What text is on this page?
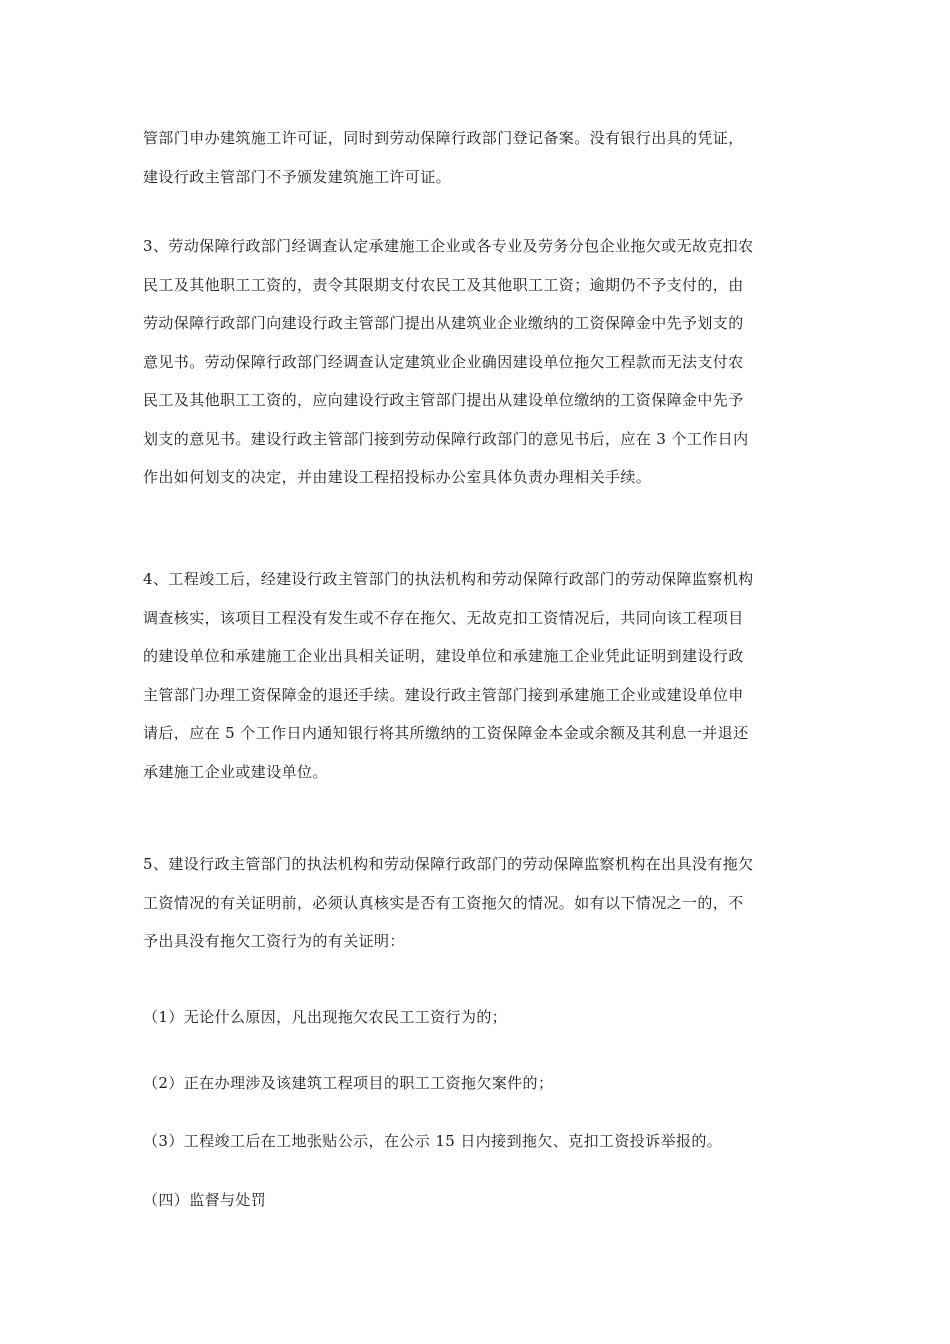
管部门申办建筑施工许可证，同时到劳动保障行政部门登记备案。没有银行出具的凭证，
建设行政主管部门不予颁发建筑施工许可证。
3、劳动保障行政部门经调查认定承建施工企业或各专业及劳务分包企业拖欠或无故克扣农
民工及其他职工工资的，责令其限期支付农民工及其他职工工资；逾期仍不予支付的，由
劳动保障行政部门向建设行政主管部门提出从建筑业企业缴纳的工资保障金中先予划支的
意见书。劳动保障行政部门经调查认定建筑业企业确因建设单位拖欠工程款而无法支付农
民工及其他职工工资的，应向建设行政主管部门提出从建设单位缴纳的工资保障金中先予
划支的意见书。建设行政主管部门接到劳动保障行政部门的意见书后，应在 3 个工作日内
作出如何划支的决定，并由建设工程招投标办公室具体负责办理相关手续。
4、工程竣工后，经建设行政主管部门的执法机构和劳动保障行政部门的劳动保障监察机构
调查核实，该项目工程没有发生或不存在拖欠、无故克扣工资情况后，共同向该工程项目
的建设单位和承建施工企业出具相关证明，建设单位和承建施工企业凭此证明到建设行政
主管部门办理工资保障金的退还手续。建设行政主管部门接到承建施工企业或建设单位申
请后，应在 5 个工作日内通知银行将其所缴纳的工资保障金本金或余额及其利息一并退还
承建施工企业或建设单位。
5、建设行政主管部门的执法机构和劳动保障行政部门的劳动保障监察机构在出具没有拖欠
工资情况的有关证明前，必须认真核实是否有工资拖欠的情况。如有以下情况之一的，不
予出具没有拖欠工资行为的有关证明：
（1）无论什么原因，凡出现拖欠农民工工资行为的；
（2）正在办理涉及该建筑工程项目的职工工资拖欠案件的；
（3）工程竣工后在工地张贴公示，在公示 15 日内接到拖欠、克扣工资投诉举报的。
（四）监督与处罚
